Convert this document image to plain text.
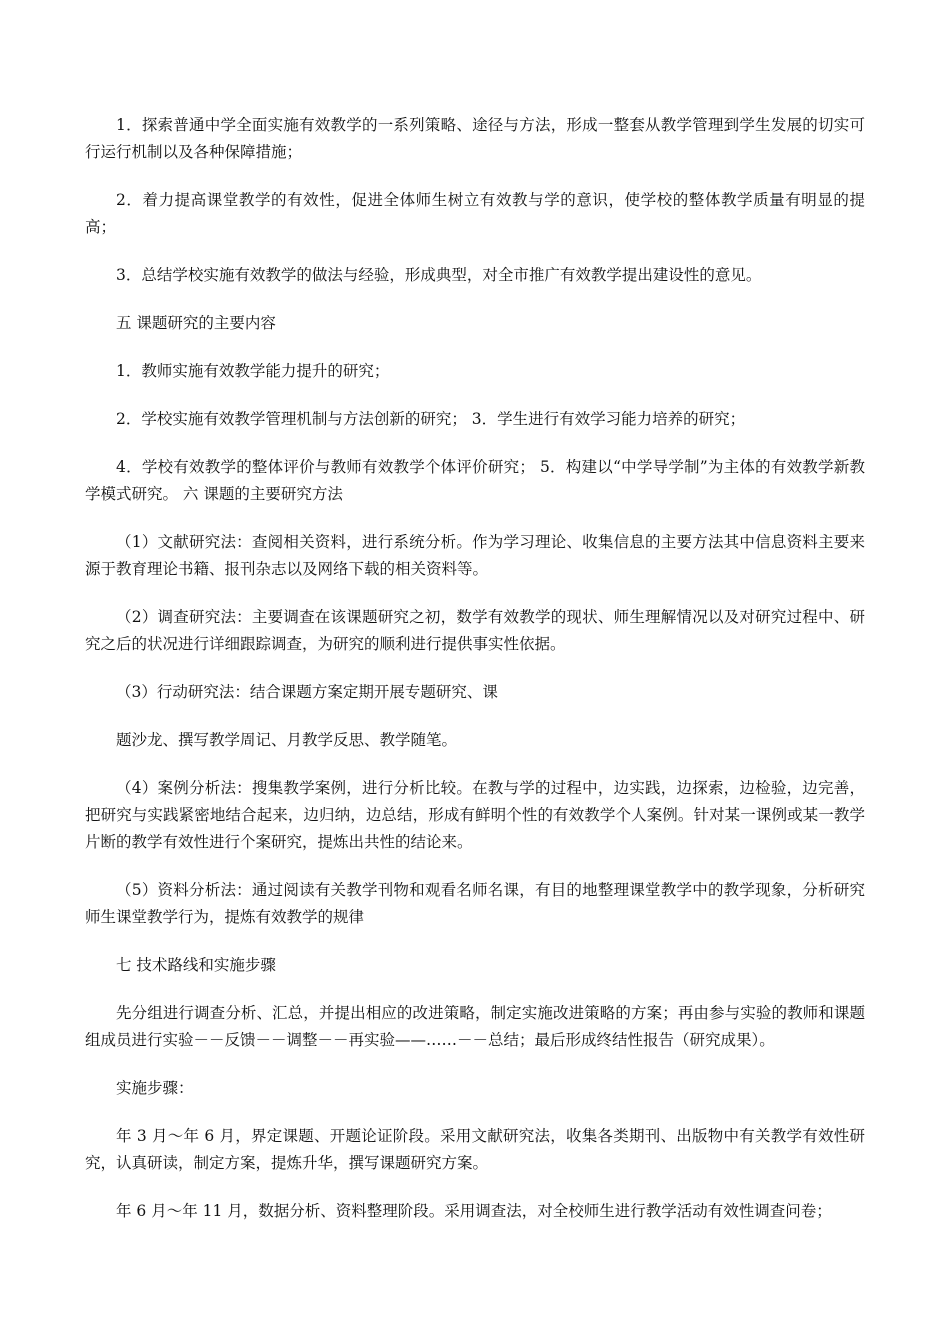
1．探索普通中学全面实施有效教学的一系列策略、途径与方法，形成一整套从教学管理到学生发展的切实可行运行机制以及各种保障措施；

2．着力提高课堂教学的有效性，促进全体师生树立有效教与学的意识，使学校的整体教学质量有明显的提高；

3．总结学校实施有效教学的做法与经验，形成典型，对全市推广有效教学提出建设性的意见。

五 课题研究的主要内容

1．教师实施有效教学能力提升的研究；

2．学校实施有效教学管理机制与方法创新的研究； 3．学生进行有效学习能力培养的研究；

4．学校有效教学的整体评价与教师有效教学个体评价研究； 5．构建以“中学导学制”为主体的有效教学新教学模式研究。 六 课题的主要研究方法

（1）文献研究法：查阅相关资料，进行系统分析。作为学习理论、收集信息的主要方法其中信息资料主要来源于教育理论书籍、报刊杂志以及网络下载的相关资料等。

（2）调查研究法：主要调查在该课题研究之初，数学有效教学的现状、师生理解情况以及对研究过程中、研究之后的状况进行详细跟踪调查，为研究的顺利进行提供事实性依据。

（3）行动研究法：结合课题方案定期开展专题研究、课

题沙龙、撰写教学周记、月教学反思、教学随笔。

（4）案例分析法：搜集教学案例，进行分析比较。在教与学的过程中，边实践，边探索，边检验，边完善，把研究与实践紧密地结合起来，边归纳，边总结，形成有鲜明个性的有效教学个人案例。针对某一课例或某一教学片断的教学有效性进行个案研究，提炼出共性的结论来。

（5）资料分析法：通过阅读有关教学刊物和观看名师名课，有目的地整理课堂教学中的教学现象，分析研究师生课堂教学行为，提炼有效教学的规律

七 技术路线和实施步骤

先分组进行调查分析、汇总，并提出相应的改进策略，制定实施改进策略的方案；再由参与实验的教师和课题组成员进行实验－－反馈－－调整－－再实验——……－－总结；最后形成终结性报告（研究成果）。

实施步骤：

年 3 月～年 6 月，界定课题、开题论证阶段。采用文献研究法，收集各类期刊、出版物中有关教学有效性研究，认真研读，制定方案，提炼升华，撰写课题研究方案。

年 6 月～年 11 月，数据分析、资料整理阶段。采用调查法，对全校师生进行教学活动有效性调查问卷；
